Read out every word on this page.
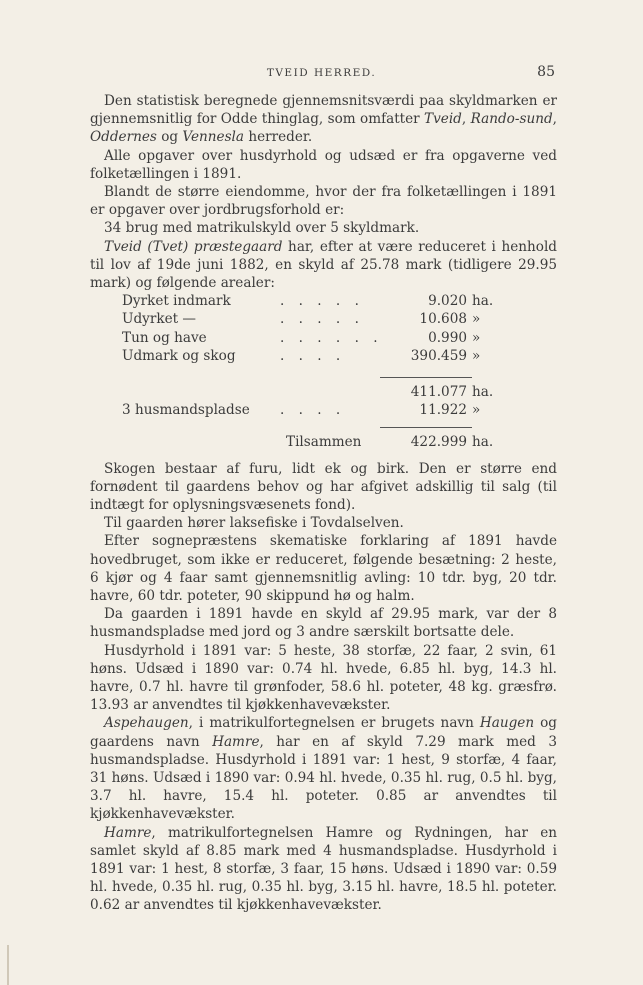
TVEID HERRED.	85

Den statistisk beregnede gjennemsnitsværdi paa skyldmarken er gjennemsnitlig for Odde thinglag, som omfatter Tveid, Rando-sund, Oddernes og Vennesla herreder.

Alle opgaver over husdyrhold og udsæd er fra opgaverne ved folketællingen i 1891.

Blandt de større eiendomme, hvor der fra folketællingen i 1891 er opgaver over jordbrugsforhold er:

34 brug med matrikulskyld over 5 skyldmark.

Tveid (Tvet) præstegaard har, efter at være reduceret i henhold til lov af 19de juni 1882, en skyld af 25.78 mark (tidligere 29.95 mark) og følgende arealer:

Dyrket indmark	. . . . .	9.020 ha.
Udyrket —	. . . . .	10.608 »
Tun og have	. . . . . .	0.990 »
Udmark og skog	. . . .	390.459 »
411.077 ha.
3 husmandspladse . . . .	11.922 »
Tilsammen	422.999 ha.

Skogen bestaar af furu, lidt ek og birk. Den er større end fornødent til gaardens behov og har afgivet adskillig til salg (til indtægt for oplysningsvæsenets fond).

Til gaarden hører laksefiske i Tovdalselven.

Efter sognepræstens skematiske forklaring af 1891 havde hovedbruget, som ikke er reduceret, følgende besætning: 2 heste, 6 kjør og 4 faar samt gjennemsnitlig avling: 10 tdr. byg, 20 tdr. havre, 60 tdr. poteter, 90 skippund hø og halm.

Da gaarden i 1891 havde en skyld af 29.95 mark, var der 8 husmandspladse med jord og 3 andre særskilt bortsatte dele.

Husdyrhold i 1891 var: 5 heste, 38 storfæ, 22 faar, 2 svin, 61 høns. Udsæd i 1890 var: 0.74 hl. hvede, 6.85 hl. byg, 14.3 hl. havre, 0.7 hl. havre til grønfoder, 58.6 hl. poteter, 48 kg. græsfrø. 13.93 ar anvendtes til kjøkkenhavevækster.

Aspehaugen, i matrikulfortegnelsen er brugets navn Haugen og gaardens navn Hamre, har en af skyld 7.29 mark med 3 husmandspladse. Husdyrhold i 1891 var: 1 hest, 9 storfæ, 4 faar, 31 høns. Udsæd i 1890 var: 0.94 hl. hvede, 0.35 hl. rug, 0.5 hl. byg, 3.7 hl. havre, 15.4 hl. poteter. 0.85 ar anvendtes til kjøkkenhavevækster.

Hamre, matrikulfortegnelsen Hamre og Rydningen, har en samlet skyld af 8.85 mark med 4 husmandspladse. Husdyrhold i 1891 var: 1 hest, 8 storfæ, 3 faar, 15 høns. Udsæd i 1890 var: 0.59 hl. hvede, 0.35 hl. rug, 0.35 hl. byg, 3.15 hl. havre, 18.5 hl. poteter. 0.62 ar anvendtes til kjøkkenhavevækster.
